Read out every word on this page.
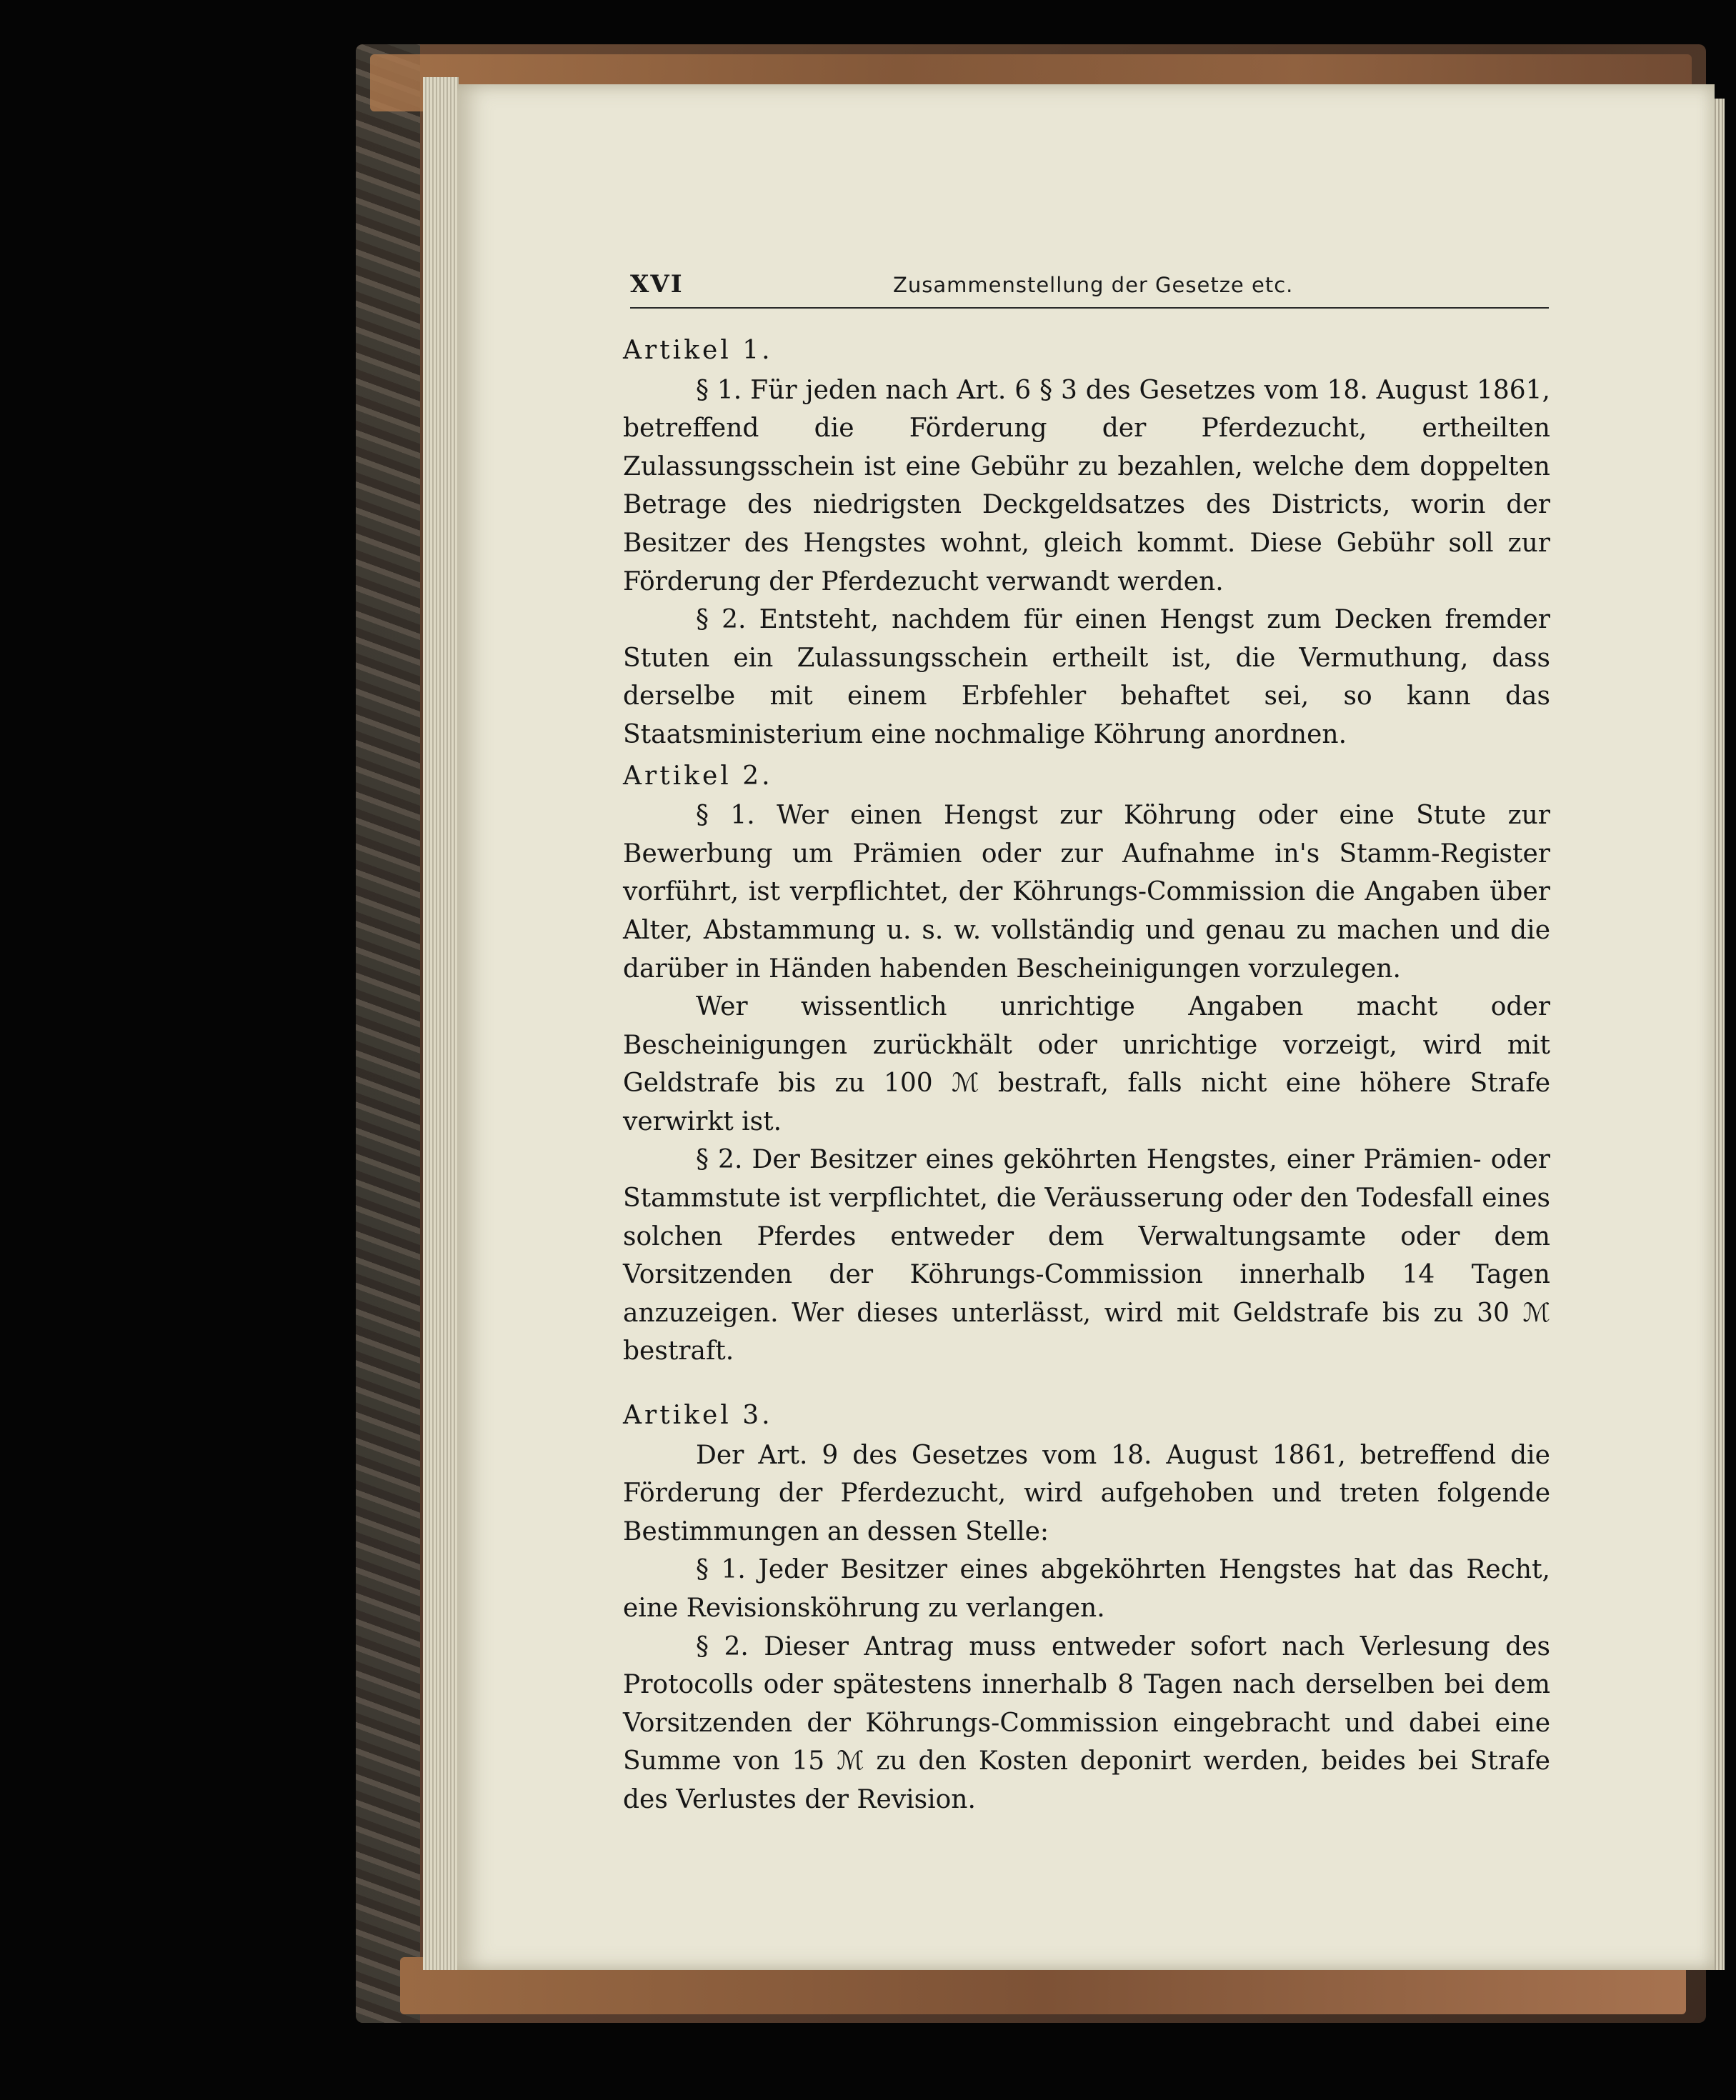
XVI	Zusammenstellung der Gesetze etc.

Artikel 1.

§ 1. Für jeden nach Art. 6 § 3 des Gesetzes vom 18. August 1861, betreffend die Förderung der Pferdezucht, ertheilten Zulassungsschein ist eine Gebühr zu bezahlen, welche dem doppelten Betrage des niedrigsten Deckgeldsatzes des Districts, worin der Besitzer des Hengstes wohnt, gleich kommt. Diese Gebühr soll zur Förderung der Pferdezucht verwandt werden.

§ 2. Entsteht, nachdem für einen Hengst zum Decken fremder Stuten ein Zulassungsschein ertheilt ist, die Vermuthung, dass derselbe mit einem Erbfehler behaftet sei, so kann das Staatsministerium eine nochmalige Köhrung anordnen.

Artikel 2.

§ 1. Wer einen Hengst zur Köhrung oder eine Stute zur Bewerbung um Prämien oder zur Aufnahme in's Stamm-Register vorführt, ist verpflichtet, der Köhrungs-Commission die Angaben über Alter, Abstammung u. s. w. vollständig und genau zu machen und die darüber in Händen habenden Bescheinigungen vorzulegen.

Wer wissentlich unrichtige Angaben macht oder Bescheinigungen zurückhält oder unrichtige vorzeigt, wird mit Geldstrafe bis zu 100 ℳ bestraft, falls nicht eine höhere Strafe verwirkt ist.

§ 2. Der Besitzer eines geköhrten Hengstes, einer Prämien- oder Stammstute ist verpflichtet, die Veräusserung oder den Todesfall eines solchen Pferdes entweder dem Verwaltungsamte oder dem Vorsitzenden der Köhrungs-Commission innerhalb 14 Tagen anzuzeigen. Wer dieses unterlässt, wird mit Geldstrafe bis zu 30 ℳ bestraft.

Artikel 3.

Der Art. 9 des Gesetzes vom 18. August 1861, betreffend die Förderung der Pferdezucht, wird aufgehoben und treten folgende Bestimmungen an dessen Stelle:

§ 1. Jeder Besitzer eines abgeköhrten Hengstes hat das Recht, eine Revisionsköhrung zu verlangen.

§ 2. Dieser Antrag muss entweder sofort nach Verlesung des Protocolls oder spätestens innerhalb 8 Tagen nach derselben bei dem Vorsitzenden der Köhrungs-Commission eingebracht und dabei eine Summe von 15 ℳ zu den Kosten deponirt werden, beides bei Strafe des Verlustes der Revision.
